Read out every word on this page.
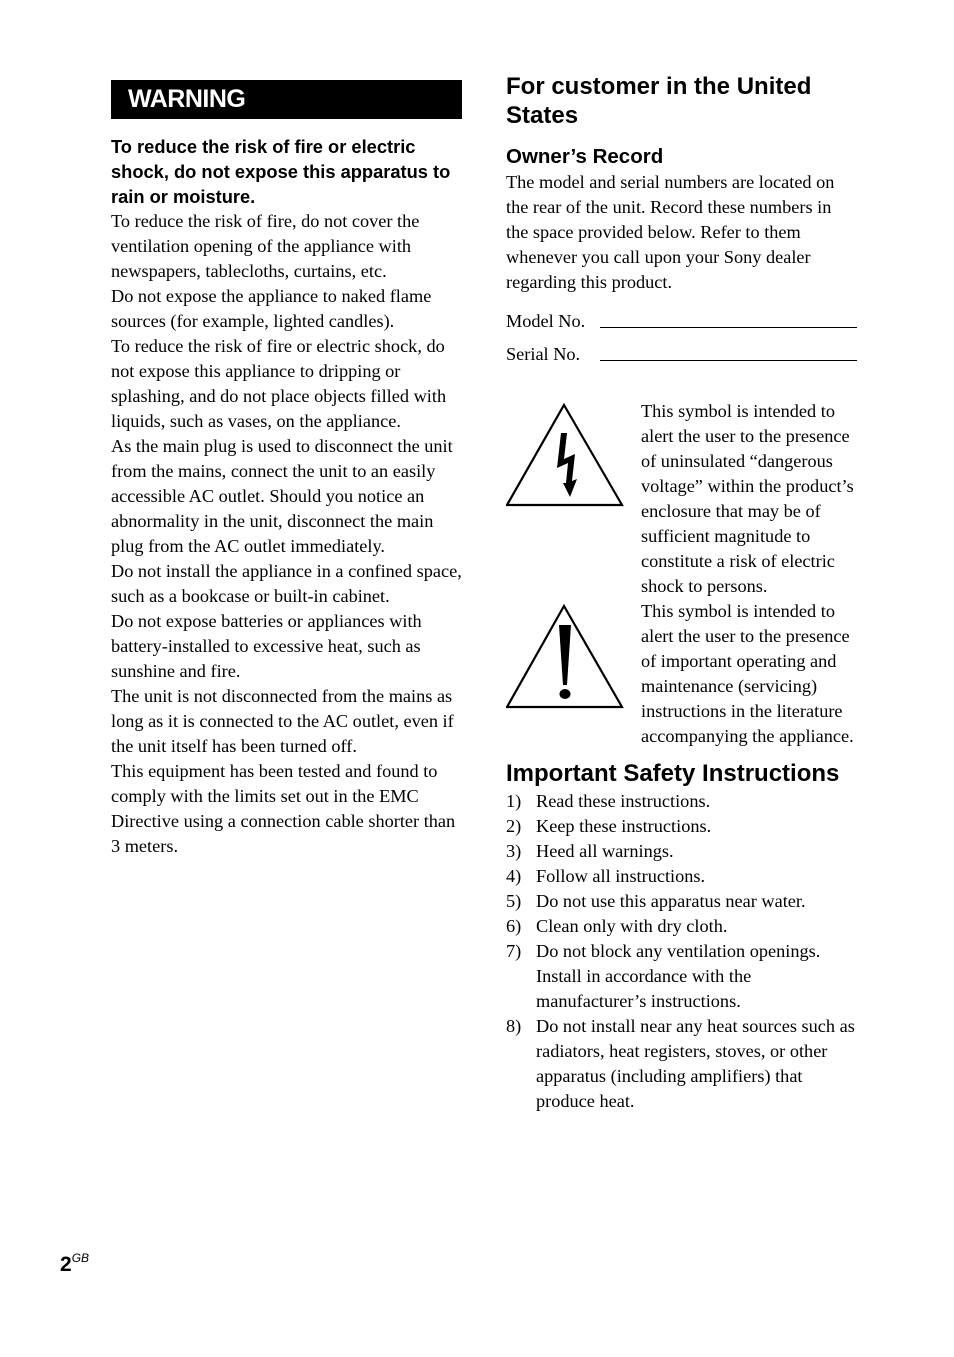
WARNING
To reduce the risk of fire or electric shock, do not expose this apparatus to rain or moisture.

To reduce the risk of fire, do not cover the ventilation opening of the appliance with newspapers, tablecloths, curtains, etc.

Do not expose the appliance to naked flame sources (for example, lighted candles).

To reduce the risk of fire or electric shock, do not expose this appliance to dripping or splashing, and do not place objects filled with liquids, such as vases, on the appliance.

As the main plug is used to disconnect the unit from the mains, connect the unit to an easily accessible AC outlet. Should you notice an abnormality in the unit, disconnect the main plug from the AC outlet immediately.

Do not install the appliance in a confined space, such as a bookcase or built-in cabinet.

Do not expose batteries or appliances with battery-installed to excessive heat, such as sunshine and fire.

The unit is not disconnected from the mains as long as it is connected to the AC outlet, even if the unit itself has been turned off.

This equipment has been tested and found to comply with the limits set out in the EMC Directive using a connection cable shorter than 3 meters.

For customer in the United States
Owner’s Record

The model and serial numbers are located on the rear of the unit. Record these numbers in the space provided below. Refer to them whenever you call upon your Sony dealer regarding this product.

Model No.
Serial No.
This symbol is intended to alert the user to the presence of uninsulated “dangerous voltage” within the product’s enclosure that may be of sufficient magnitude to constitute a risk of electric shock to persons.
This symbol is intended to alert the user to the presence of important operating and maintenance (servicing) instructions in the literature accompanying the appliance.
Important Safety Instructions
1) Read these instructions.
2) Keep these instructions.
3) Heed all warnings.
4) Follow all instructions.
5) Do not use this apparatus near water.
6) Clean only with dry cloth.
7) Do not block any ventilation openings. Install in accordance with the manufacturer’s instructions.
8) Do not install near any heat sources such as radiators, heat registers, stoves, or other apparatus (including amplifiers) that produce heat.
$2^{GB}$
